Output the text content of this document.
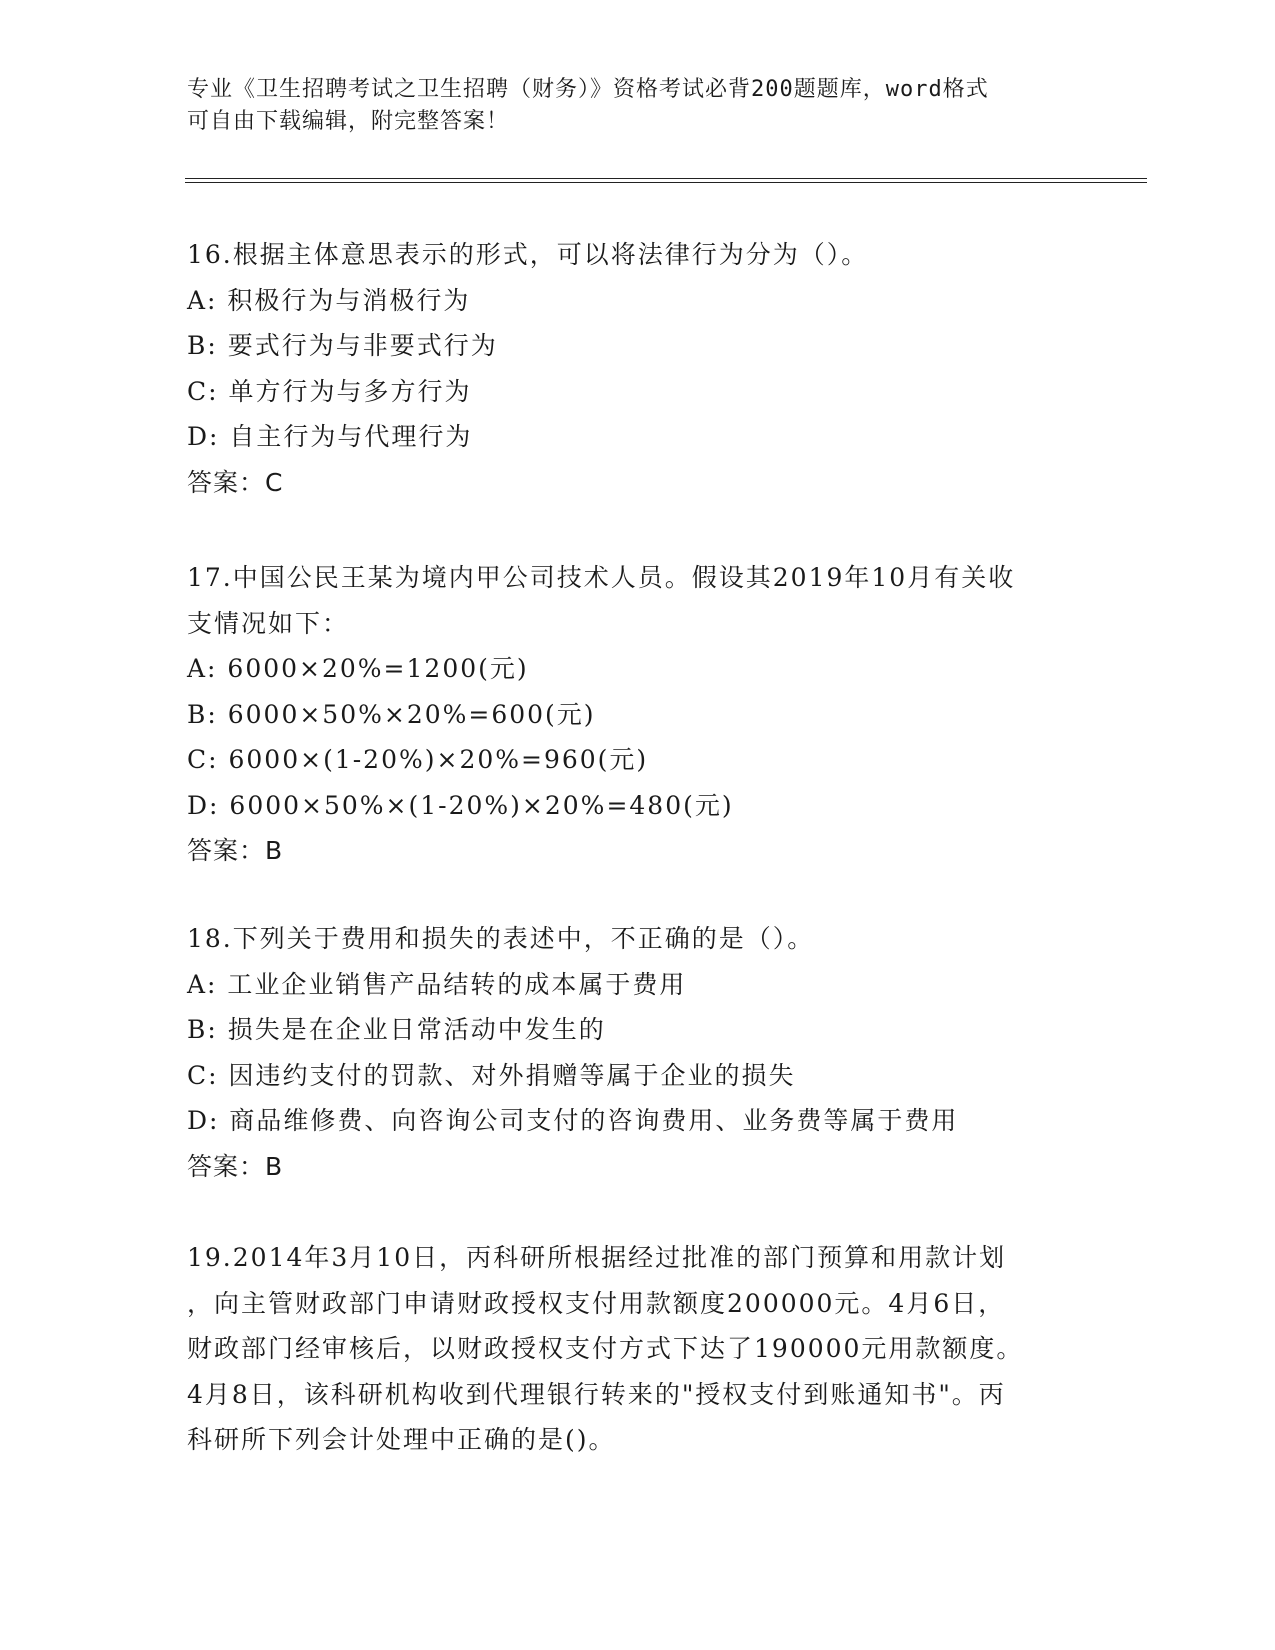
专业《卫生招聘考试之卫生招聘（财务）》资格考试必背200题题库，word格式
可自由下载编辑，附完整答案！
16.根据主体意思表示的形式，可以将法律行为分为（）。
A: 积极行为与消极行为
B: 要式行为与非要式行为
C: 单方行为与多方行为
D: 自主行为与代理行为
答案：C
17.中国公民王某为境内甲公司技术人员。假设其2019年10月有关收
支情况如下：
A: 6000×20%=1200(元)
B: 6000×50%×20%=600(元)
C: 6000×(1-20%)×20%=960(元)
D: 6000×50%×(1-20%)×20%=480(元)
答案：B
18.下列关于费用和损失的表述中，不正确的是（）。
A: 工业企业销售产品结转的成本属于费用
B: 损失是在企业日常活动中发生的
C: 因违约支付的罚款、对外捐赠等属于企业的损失
D: 商品维修费、向咨询公司支付的咨询费用、业务费等属于费用
答案：B
19.2014年3月10日，丙科研所根据经过批准的部门预算和用款计划
，向主管财政部门申请财政授权支付用款额度200000元。4月6日，
财政部门经审核后，以财政授权支付方式下达了190000元用款额度。
4月8日，该科研机构收到代理银行转来的"授权支付到账通知书"。丙
科研所下列会计处理中正确的是()。
